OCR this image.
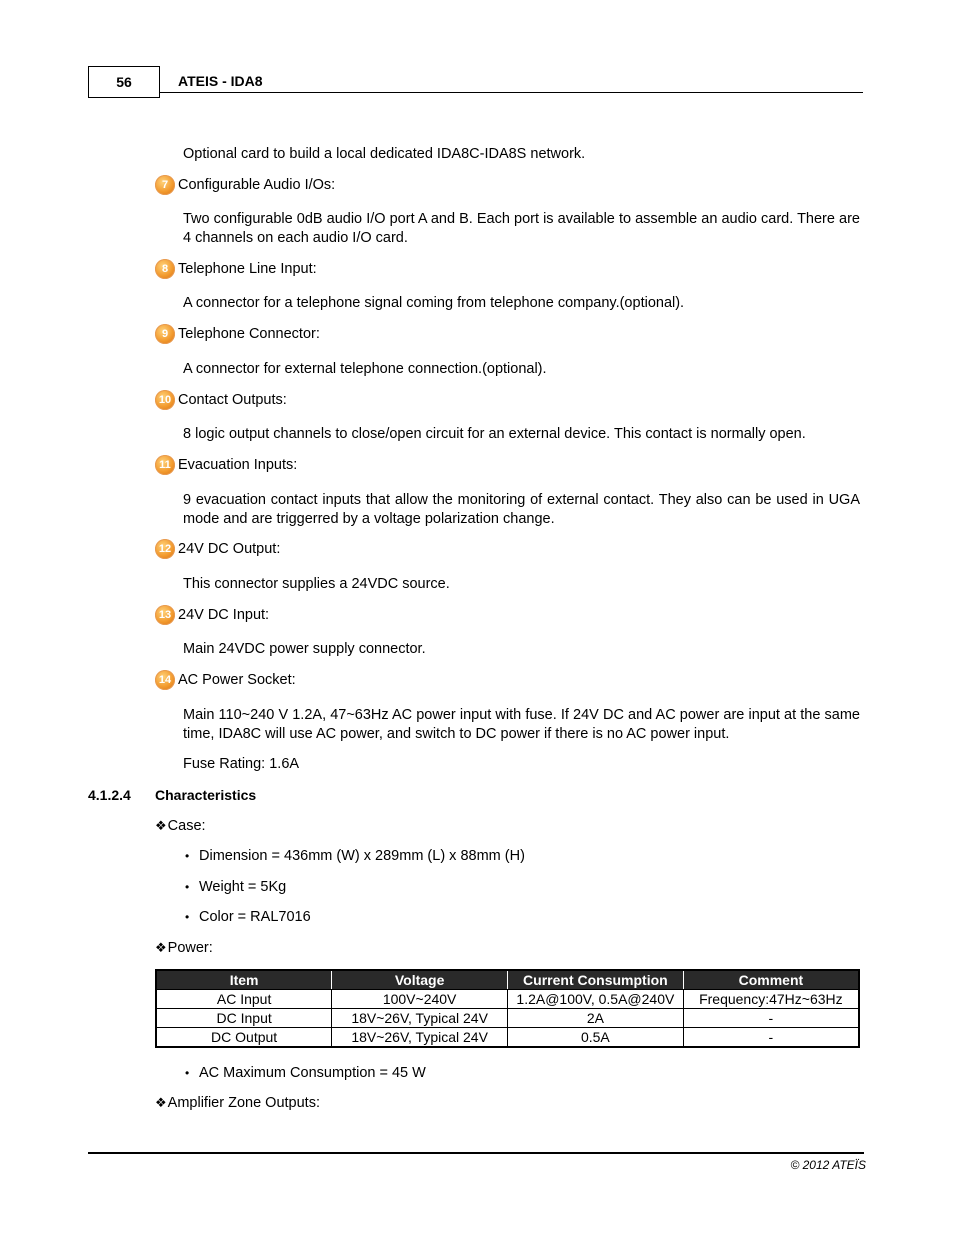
56	ATEIS - IDA8
Optional card to build a local dedicated IDA8C-IDA8S network.
7 Configurable Audio I/Os:
Two configurable 0dB audio I/O port A and B. Each port is available to assemble an audio card. There are 4 channels on each audio I/O card.
8 Telephone Line Input:
A connector for a telephone signal coming from telephone company.(optional).
9 Telephone Connector:
A connector for external telephone connection.(optional).
10 Contact Outputs:
8 logic output channels to close/open circuit for an external device. This contact is normally open.
11 Evacuation Inputs:
9 evacuation contact inputs that allow the monitoring of external contact. They also can be used in UGA mode and are triggerred by a voltage polarization change.
12 24V DC Output:
This connector supplies a 24VDC source.
13 24V DC Input:
Main 24VDC power supply connector.
14 AC Power Socket:
Main 110~240 V 1.2A, 47~63Hz AC power input with fuse. If 24V DC and AC power are input at the same time, IDA8C will use AC power, and switch to DC power if there is no AC power input.
Fuse Rating: 1.6A
4.1.2.4 Characteristics
❖ Case:
• Dimension = 436mm (W) x 289mm (L) x 88mm (H)
• Weight = 5Kg
• Color = RAL7016
❖ Power:
Item	Voltage	Current Consumption	Comment
AC Input	100V~240V	1.2A@100V, 0.5A@240V	Frequency:47Hz~63Hz
DC Input	18V~26V, Typical 24V	2A	-
DC Output	18V~26V, Typical 24V	0.5A	-
• AC Maximum Consumption = 45 W
❖ Amplifier Zone Outputs:
© 2012 ATEÏS
